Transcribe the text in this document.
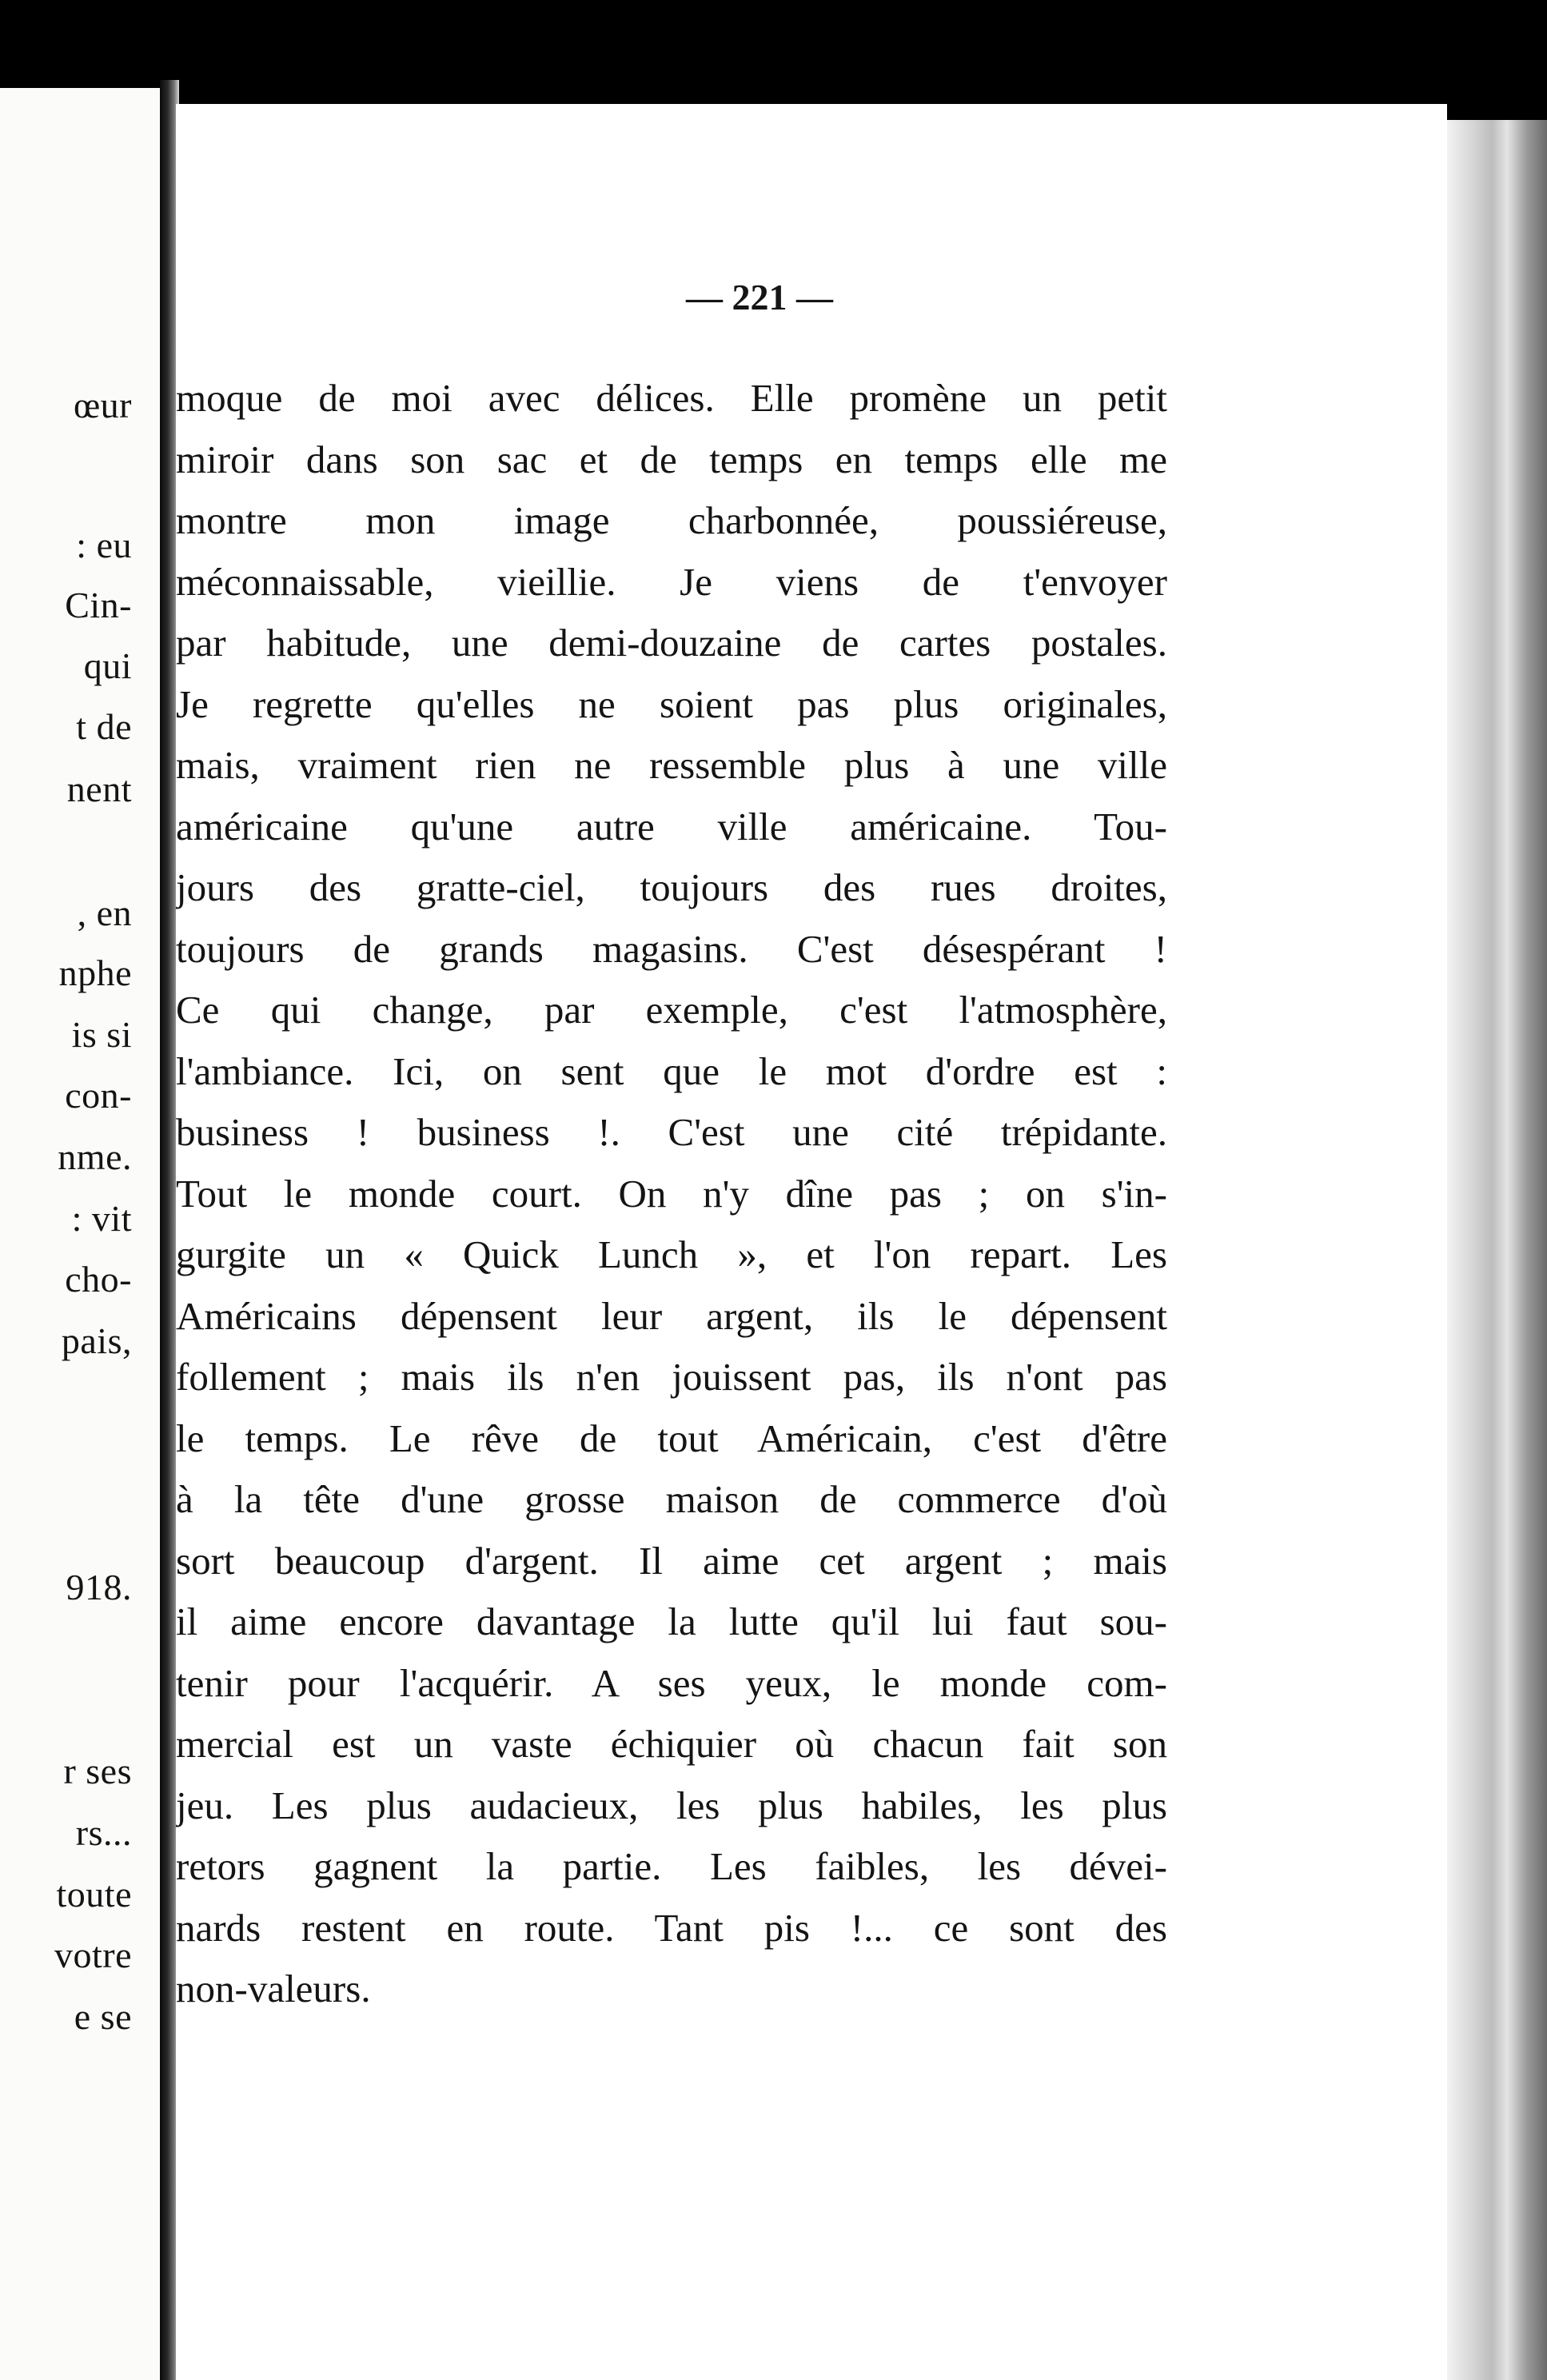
œur
: eu
Cin-
qui
t de
nent
, en
nphe
is si
con-
nme.
: vit
cho-
pais,
918.
r ses
rs...
toute
votre
e se
— 221 —
moque de moi avec délices. Elle promène un petit
miroir dans son sac et de temps en temps elle me
montre mon image charbonnée, poussiéreuse,
méconnaissable, vieillie. Je viens de t'envoyer
par habitude, une demi-douzaine de cartes postales.
Je regrette qu'elles ne soient pas plus originales,
mais, vraiment rien ne ressemble plus à une ville
américaine qu'une autre ville américaine. Tou-
jours des gratte-ciel, toujours des rues droites,
toujours de grands magasins. C'est désespérant !
Ce qui change, par exemple, c'est l'atmosphère,
l'ambiance. Ici, on sent que le mot d'ordre est :
business ! business !. C'est une cité trépidante.
Tout le monde court. On n'y dîne pas ; on s'in-
gurgite un « Quick Lunch », et l'on repart. Les
Américains dépensent leur argent, ils le dépensent
follement ; mais ils n'en jouissent pas, ils n'ont pas
le temps. Le rêve de tout Américain, c'est d'être
à la tête d'une grosse maison de commerce d'où
sort beaucoup d'argent. Il aime cet argent ; mais
il aime encore davantage la lutte qu'il lui faut sou-
tenir pour l'acquérir. A ses yeux, le monde com-
mercial est un vaste échiquier où chacun fait son
jeu. Les plus audacieux, les plus habiles, les plus
retors gagnent la partie. Les faibles, les dévei-
nards restent en route. Tant pis !... ce sont des
non-valeurs.
